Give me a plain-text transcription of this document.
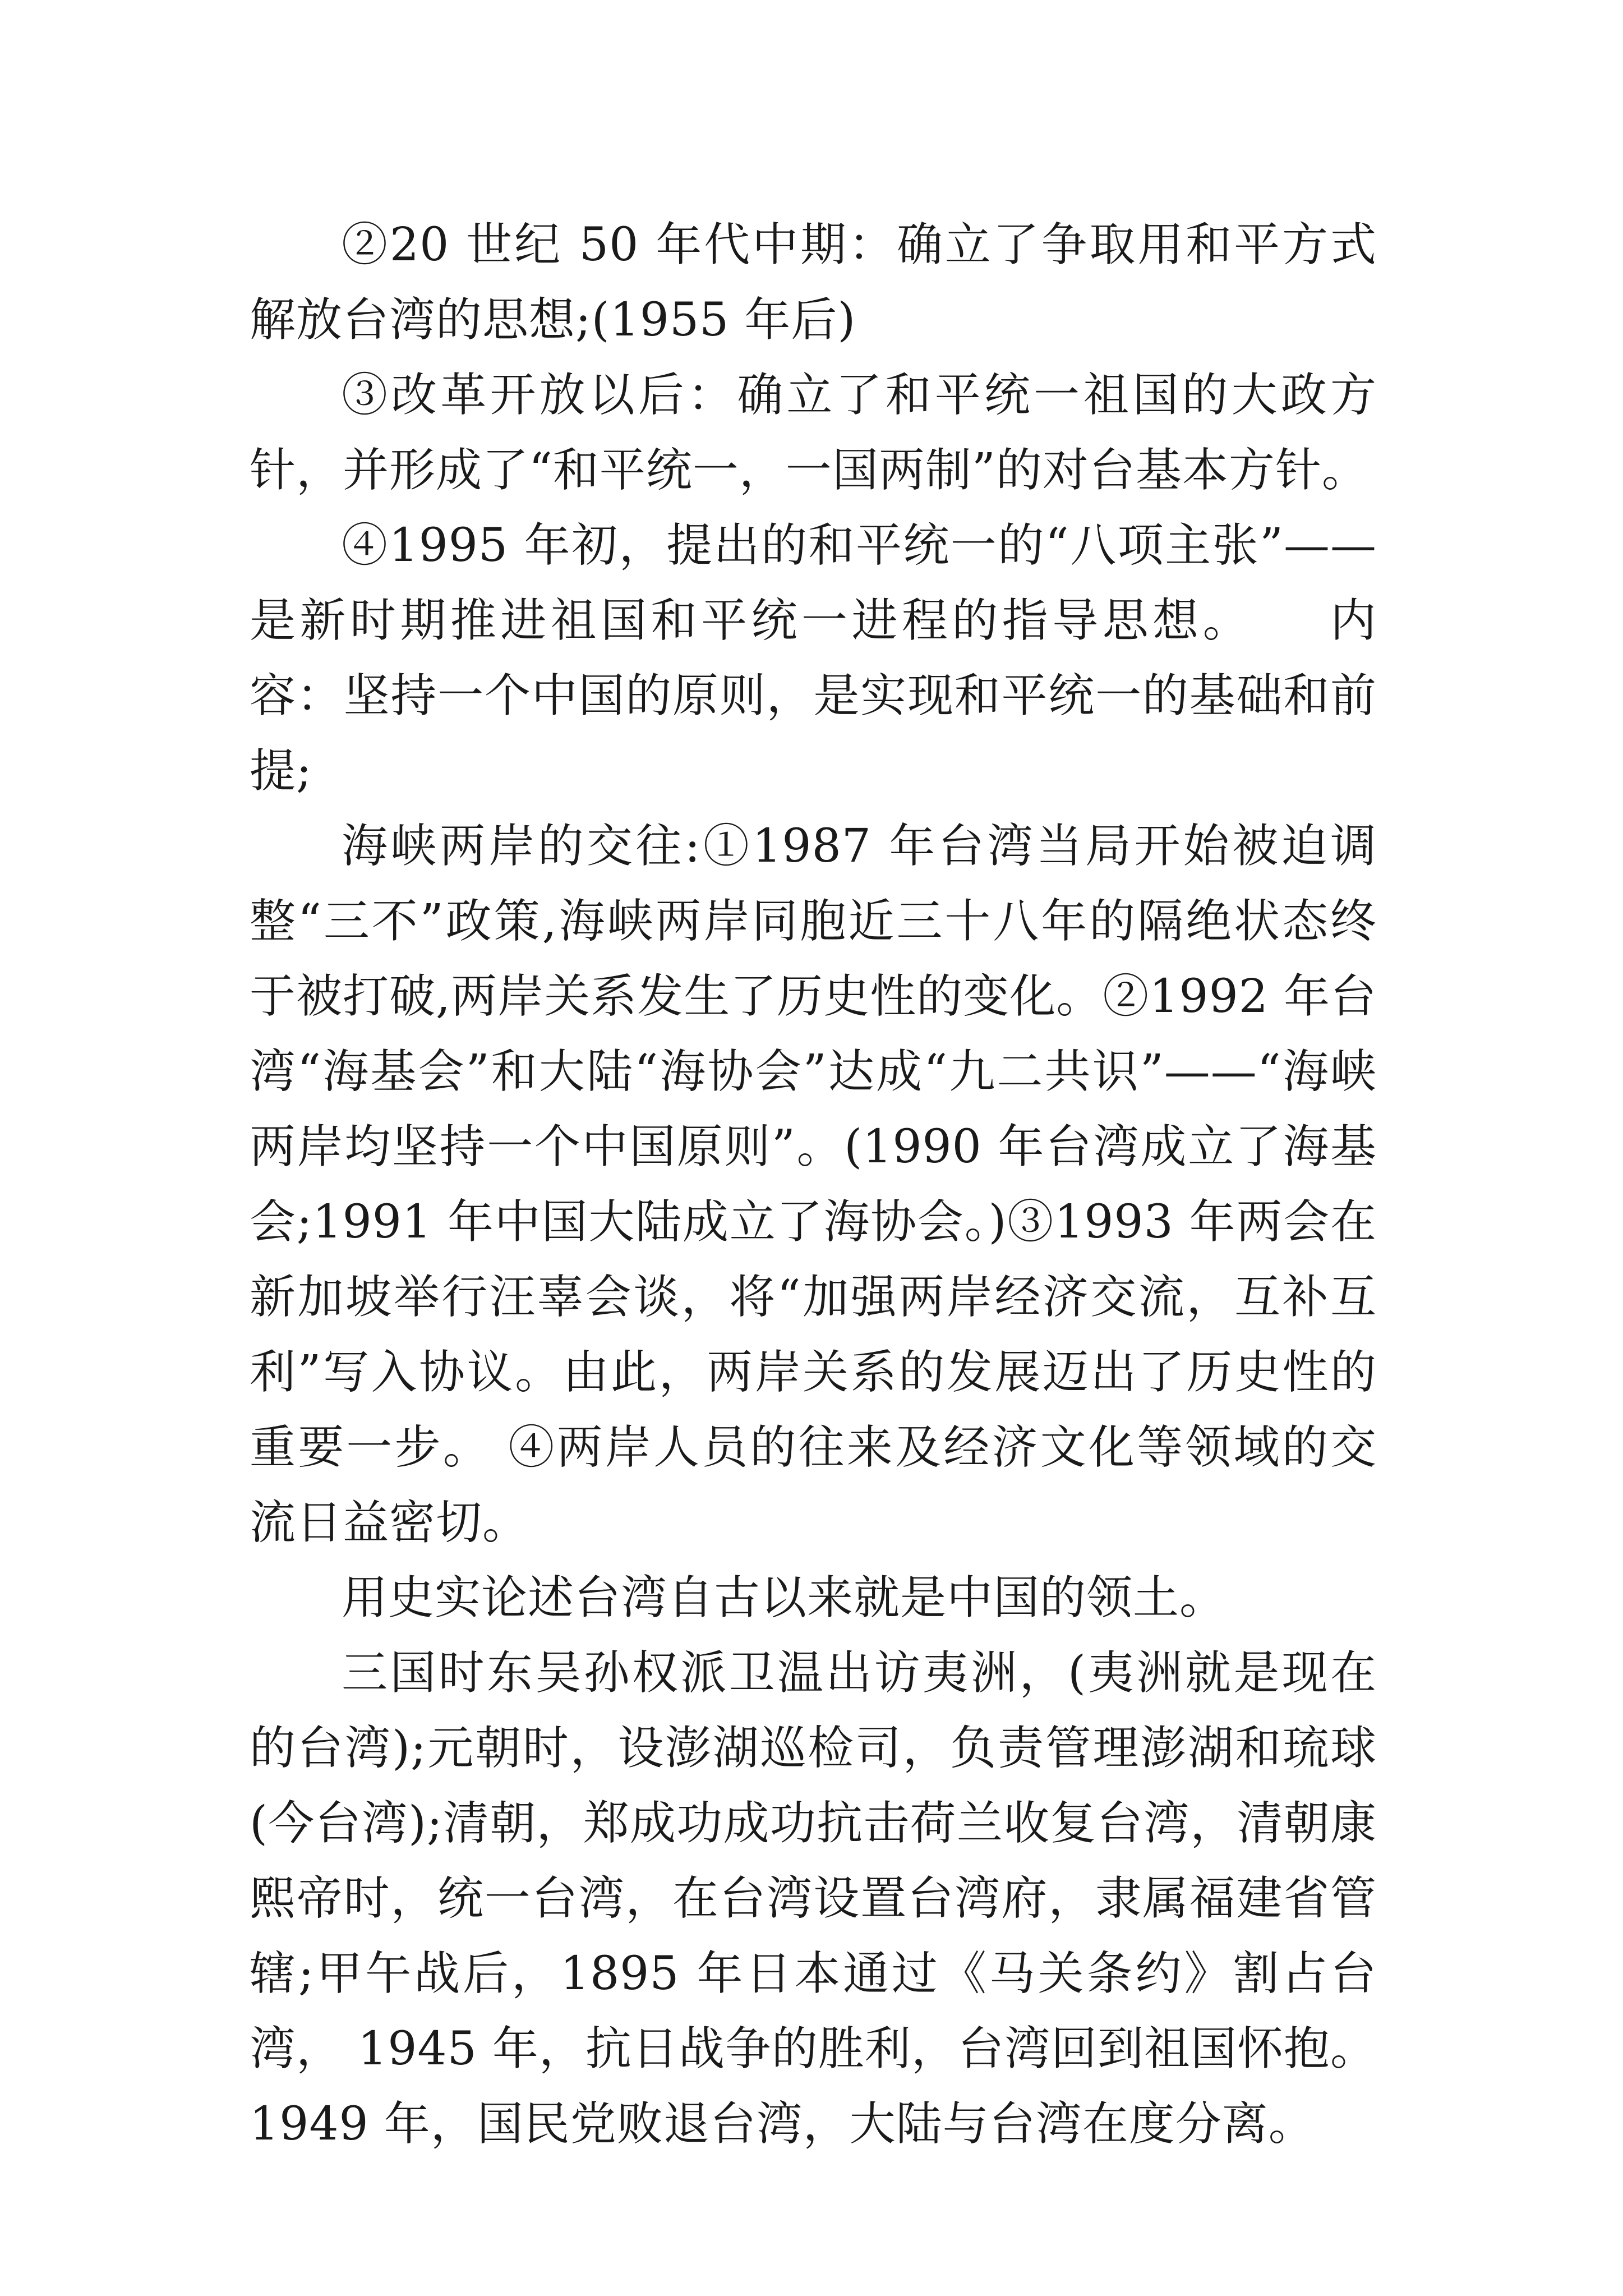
②20 世纪 50 年代中期：确立了争取用和平方式解放台湾的思想;(1955 年后)

③改革开放以后：确立了和平统一祖国的大政方针，并形成了“和平统一，一国两制”的对台基本方针。

④1995 年初，提出的和平统一的“八项主张”——是新时期推进祖国和平统一进程的指导思想。　　内容：坚持一个中国的原则，是实现和平统一的基础和前提;

海峡两岸的交往:①1987 年台湾当局开始被迫调整“三不”政策,海峡两岸同胞近三十八年的隔绝状态终于被打破,两岸关系发生了历史性的变化。②1992 年台湾“海基会”和大陆“海协会”达成“九二共识”——“海峡两岸均坚持一个中国原则”。(1990 年台湾成立了海基会;1991 年中国大陆成立了海协会。)③1993 年两会在新加坡举行汪辜会谈，将“加强两岸经济交流，互补互利”写入协议。由此，两岸关系的发展迈出了历史性的重要一步。 ④两岸人员的往来及经济文化等领域的交流日益密切。

用史实论述台湾自古以来就是中国的领土。

三国时东吴孙权派卫温出访夷洲，(夷洲就是现在的台湾);元朝时，设澎湖巡检司，负责管理澎湖和琉球(今台湾);清朝，郑成功成功抗击荷兰收复台湾，清朝康熙帝时，统一台湾，在台湾设置台湾府，隶属福建省管辖;甲午战后，1895 年日本通过《马关条约》割占台湾， 1945 年，抗日战争的胜利，台湾回到祖国怀抱。1949 年，国民党败退台湾，大陆与台湾在度分离。
